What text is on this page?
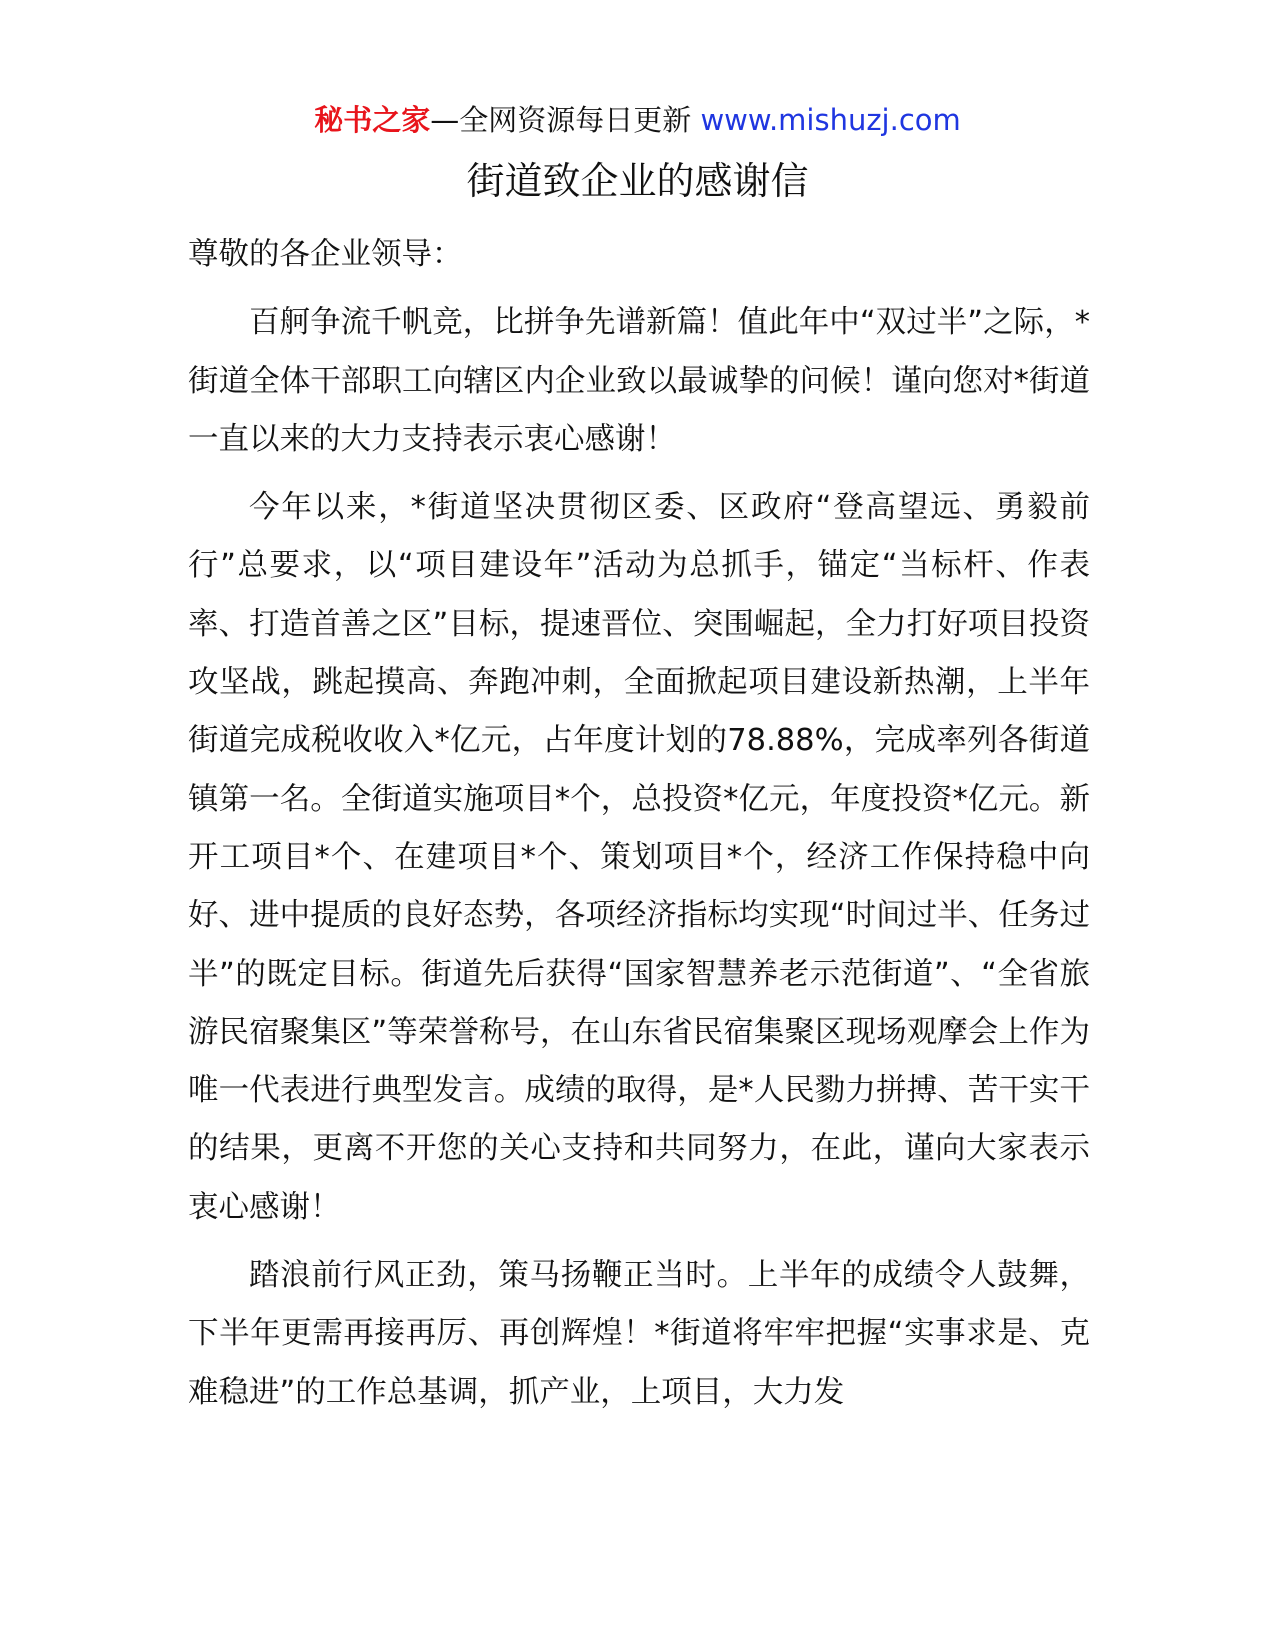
秘书之家—全网资源每日更新 www.mishuzj.com
街道致企业的感谢信

尊敬的各企业领导：

百舸争流千帆竞，比拼争先谱新篇！值此年中“双过半”之际，*街道全体干部职工向辖区内企业致以最诚挚的问候！谨向您对*街道一直以来的大力支持表示衷心感谢！

今年以来，*街道坚决贯彻区委、区政府“登高望远、勇毅前行”总要求，以“项目建设年”活动为总抓手，锚定“当标杆、作表率、打造首善之区”目标，提速晋位、突围崛起，全力打好项目投资攻坚战，跳起摸高、奔跑冲刺，全面掀起项目建设新热潮，上半年街道完成税收收入*亿元，占年度计划的78.88%，完成率列各街道镇第一名。全街道实施项目*个，总投资*亿元，年度投资*亿元。新开工项目*个、在建项目*个、策划项目*个，经济工作保持稳中向好、进中提质的良好态势，各项经济指标均实现“时间过半、任务过半”的既定目标。街道先后获得“国家智慧养老示范街道”、“全省旅游民宿聚集区”等荣誉称号，在山东省民宿集聚区现场观摩会上作为唯一代表进行典型发言。成绩的取得，是*人民勠力拼搏、苦干实干的结果，更离不开您的关心支持和共同努力，在此，谨向大家表示衷心感谢！

踏浪前行风正劲，策马扬鞭正当时。上半年的成绩令人鼓舞，下半年更需再接再厉、再创辉煌！*街道将牢牢把握“实事求是、克难稳进”的工作总基调，抓产业，上项目，大力发
